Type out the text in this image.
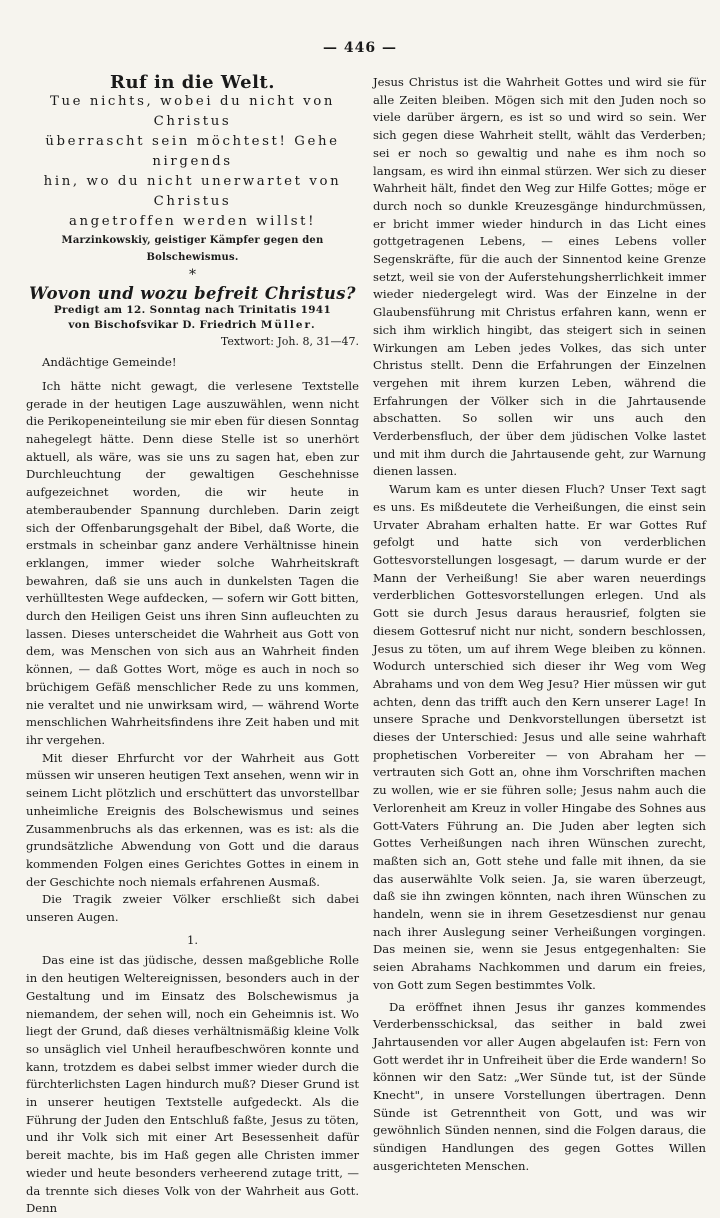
— 446 —

Ruf in die Welt.

Tue nichts, wobei du nicht von Christus

überrascht sein möchtest! Gehe nirgends

hin, wo du nicht unerwartet von Christus

angetroffen werden willst!

Marzinkowskiy, geistiger Kämpfer gegen den Bolschewismus.

*

Wovon und wozu befreit Christus?

Predigt am 12. Sonntag nach Trinitatis 1941

von Bischofsvikar D. Friedrich Müller.

Textwort: Joh. 8, 31—47.

Andächtige Gemeinde!

Ich hätte nicht gewagt, die verlesene Textstelle gerade in der heutigen Lage auszuwählen, wenn nicht die Perikopeneinteilung sie mir eben für diesen Sonntag nahegelegt hätte. Denn diese Stelle ist so unerhört aktuell, als wäre, was sie uns zu sagen hat, eben zur Durchleuchtung der gewaltigen Geschehnisse aufgezeichnet worden, die wir heute in atemberaubender Spannung durchleben. Darin zeigt sich der Offenbarungsgehalt der Bibel, daß Worte, die erstmals in scheinbar ganz andere Verhältnisse hinein erklangen, immer wieder solche Wahrheitskraft bewahren, daß sie uns auch in dunkelsten Tagen die verhülltesten Wege aufdecken, — sofern wir Gott bitten, durch den Heiligen Geist uns ihren Sinn aufleuchten zu lassen. Dieses unterscheidet die Wahrheit aus Gott von dem, was Menschen von sich aus an Wahrheit finden können, — daß Gottes Wort, möge es auch in noch so brüchigem Gefäß menschlicher Rede zu uns kommen, nie veraltet und nie unwirksam wird, — während Worte menschlichen Wahrheitsfindens ihre Zeit haben und mit ihr vergehen.

Mit dieser Ehrfurcht vor der Wahrheit aus Gott müssen wir unseren heutigen Text ansehen, wenn wir in seinem Licht plötzlich und erschüttert das unvorstellbar unheimliche Ereignis des Bolschewismus und seines Zusammenbruchs als das erkennen, was es ist: als die grundsätzliche Abwendung von Gott und die daraus kommenden Folgen eines Gerichtes Gottes in einem in der Geschichte noch niemals erfahrenen Ausmaß.

Die Tragik zweier Völker erschließt sich dabei unseren Augen.

1.

Das eine ist das jüdische, dessen maßgebliche Rolle in den heutigen Weltereignissen, besonders auch in der Gestaltung und im Einsatz des Bolschewismus ja niemandem, der sehen will, noch ein Geheimnis ist. Wo liegt der Grund, daß dieses verhältnismäßig kleine Volk so unsäglich viel Unheil heraufbeschwören konnte und kann, trotzdem es dabei selbst immer wieder durch die fürchterlichsten Lagen hindurch muß? Dieser Grund ist in unserer heutigen Textstelle aufgedeckt. Als die Führung der Juden den Entschluß faßte, Jesus zu töten, und ihr Volk sich mit einer Art Besessenheit dafür bereit machte, bis im Haß gegen alle Christen immer wieder und heute besonders verheerend zutage tritt, — da trennte sich dieses Volk von der Wahrheit aus Gott. Denn

Jesus Christus ist die Wahrheit Gottes und wird sie für alle Zeiten bleiben. Mögen sich mit den Juden noch so viele darüber ärgern, es ist so und wird so sein. Wer sich gegen diese Wahrheit stellt, wählt das Verderben; sei er noch so gewaltig und nahe es ihm noch so langsam, es wird ihn einmal stürzen. Wer sich zu dieser Wahrheit hält, findet den Weg zur Hilfe Gottes; möge er durch noch so dunkle Kreuzesgänge hindurchmüssen, er bricht immer wieder hindurch in das Licht eines gottgetragenen Lebens, — eines Lebens voller Segenskräfte, für die auch der Sinnentod keine Grenze setzt, weil sie von der Auferstehungsherrlichkeit immer wieder niedergelegt wird. Was der Einzelne in der Glaubensführung mit Christus erfahren kann, wenn er sich ihm wirklich hingibt, das steigert sich in seinen Wirkungen am Leben jedes Volkes, das sich unter Christus stellt. Denn die Erfahrungen der Einzelnen vergehen mit ihrem kurzen Leben, während die Erfahrungen der Völker sich in die Jahrtausende abschatten. So sollen wir uns auch den Verderbensfluch, der über dem jüdischen Volke lastet und mit ihm durch die Jahrtausende geht, zur Warnung dienen lassen.

Warum kam es unter diesen Fluch? Unser Text sagt es uns. Es mißdeutete die Verheißungen, die einst sein Urvater Abraham erhalten hatte. Er war Gottes Ruf gefolgt und hatte sich von verderblichen Gottesvorstellungen losgesagt, — darum wurde er der Mann der Verheißung! Sie aber waren neuerdings verderblichen Gottesvorstellungen erlegen. Und als Gott sie durch Jesus daraus herausrief, folgten sie diesem Gottesruf nicht nur nicht, sondern beschlossen, Jesus zu töten, um auf ihrem Wege bleiben zu können. Wodurch unterschied sich dieser ihr Weg vom Weg Abrahams und von dem Weg Jesu? Hier müssen wir gut achten, denn das trifft auch den Kern unserer Lage! In unsere Sprache und Denkvorstellungen übersetzt ist dieses der Unterschied: Jesus und alle seine wahrhaft prophetischen Vorbereiter — von Abraham her — vertrauten sich Gott an, ohne ihm Vorschriften machen zu wollen, wie er sie führen solle; Jesus nahm auch die Verlorenheit am Kreuz in voller Hingabe des Sohnes aus Gott-Vaters Führung an. Die Juden aber legten sich Gottes Verheißungen nach ihren Wünschen zurecht, maßten sich an, Gott stehe und falle mit ihnen, da sie das auserwählte Volk seien. Ja, sie waren überzeugt, daß sie ihn zwingen könnten, nach ihren Wünschen zu handeln, wenn sie in ihrem Gesetzesdienst nur genau nach ihrer Auslegung seiner Verheißungen vorgingen. Das meinen sie, wenn sie Jesus entgegenhalten: Sie seien Abrahams Nachkommen und darum ein freies, von Gott zum Segen bestimmtes Volk.

Da eröffnet ihnen Jesus ihr ganzes kommendes Verderbensschicksal, das seither in bald zwei Jahrtausenden vor aller Augen abgelaufen ist: Fern von Gott werdet ihr in Unfreiheit über die Erde wandern! So können wir den Satz: „Wer Sünde tut, ist der Sünde Knecht", in unsere Vorstellungen übertragen. Denn Sünde ist Getrenntheit von Gott, und was wir gewöhnlich Sünden nennen, sind die Folgen daraus, die sündigen Handlungen des gegen Gottes Willen ausgerichteten Menschen.
